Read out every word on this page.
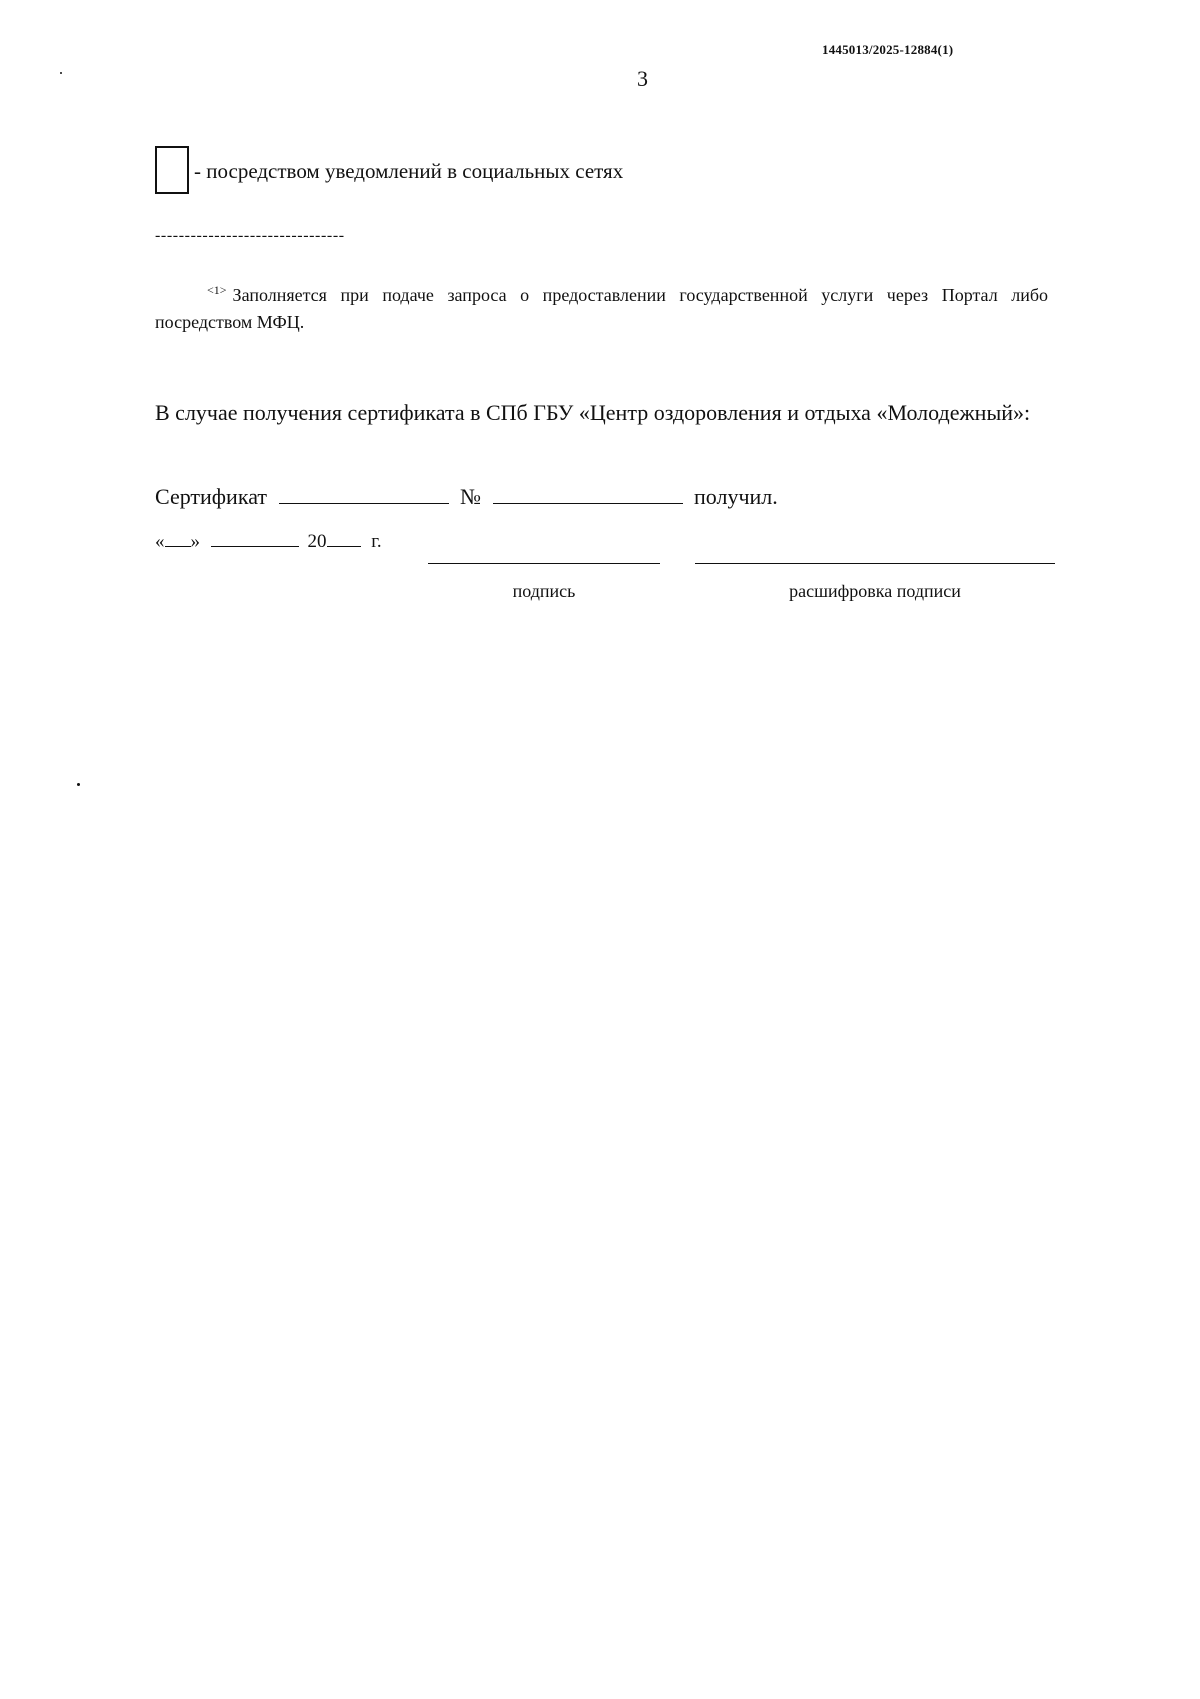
1445013/2025-12884(1)
3
- посредством уведомлений в социальных сетях
--------------------------------
$^{<1>}$ Заполняется при подаче запроса о предоставлении государственной услуги через Портал либо посредством МФЦ.
В случае получения сертификата в СПб ГБУ «Центр оздоровления и отдыха «Молодежный»:
Сертификат	№	получил.
« »	20 г.
подпись	расшифровка подписи
